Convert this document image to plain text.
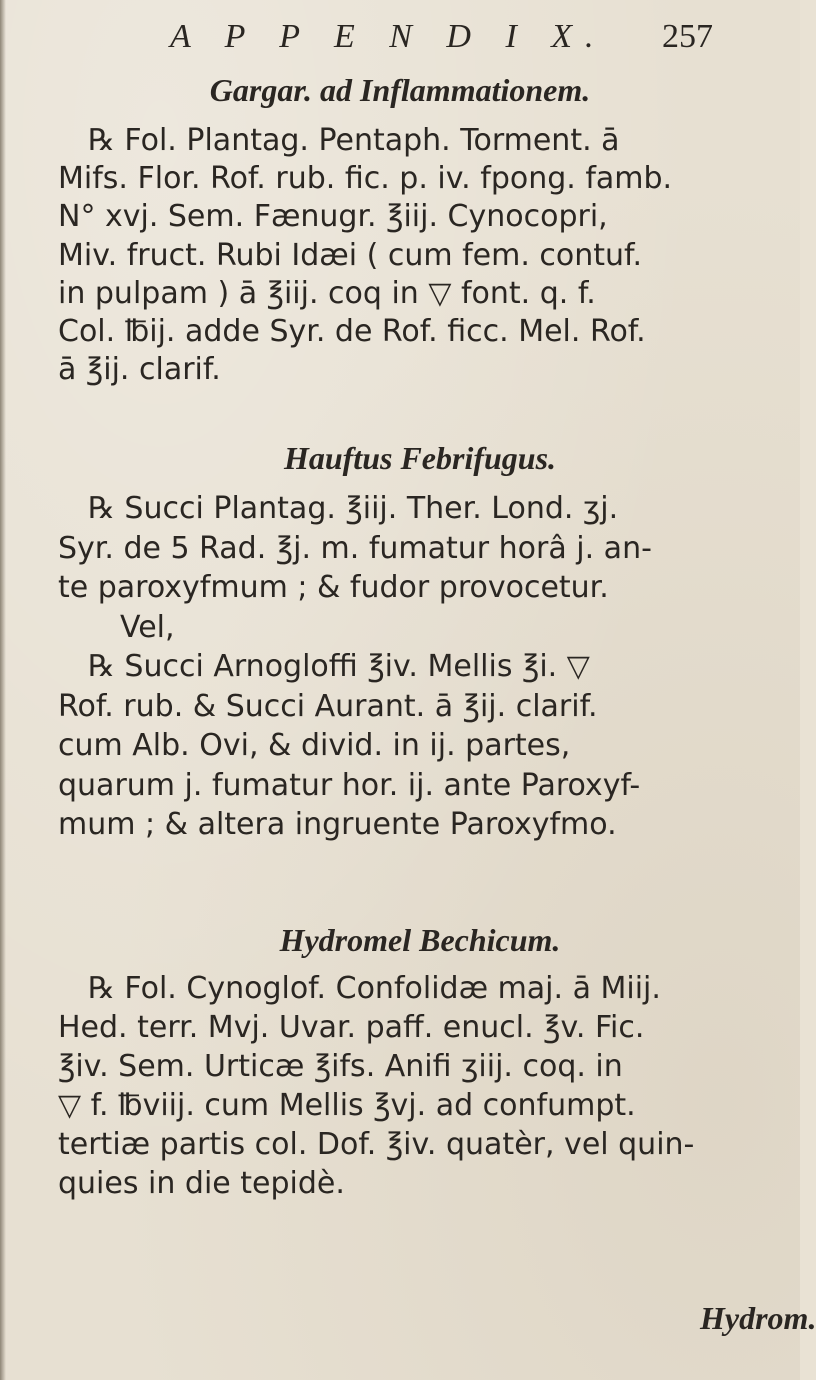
A P P E N D I X. 257
Gargar. ad Inflammationem.
℞ Fol. Plantag. Pentaph. Torment. ā
Mifs. Flor. Rof. rub. fic. p. iv. fpong. famb.
N° xvj. Sem. Fænugr. ℥iij. Cynocopri,
Miv. fruct. Rubi Idæi ( cum fem. contuf.
in pulpam ) ā ℥iij. coq in ▽ font. q. f.
Col. ℔ij. adde Syr. de Rof. ficc. Mel. Rof.
ā ℥ij. clarif.
Hauftus Febrifugus.
℞ Succi Plantag. ℥iij. Ther. Lond. ʒj.
Syr. de 5 Rad. ℥j. m. fumatur horâ j. an-
te paroxyfmum ; & fudor provocetur.
Vel,
℞ Succi Arnogloffi ℥iv. Mellis ℥i. ▽
Rof. rub. & Succi Aurant. ā ℥ij. clarif.
cum Alb. Ovi, & divid. in ij. partes,
quarum j. fumatur hor. ij. ante Paroxyf-
mum ; & altera ingruente Paroxyfmo.
Hydromel Bechicum.
℞ Fol. Cynoglof. Confolidæ maj. ā Miij.
Hed. terr. Mvj. Uvar. paff. enucl. ℥v. Fic.
℥iv. Sem. Urticæ ℥ifs. Anifi ʒiij. coq. in
▽ f. ℔viij. cum Mellis ℥vj. ad confumpt.
tertiæ partis col. Dof. ℥iv. quatèr, vel quin-
quies in die tepidè.
Hydrom.
